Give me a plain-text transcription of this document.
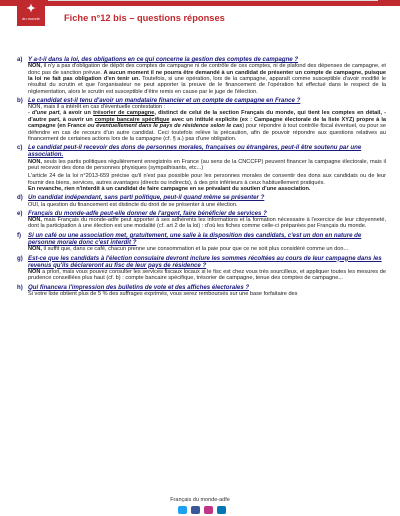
✦
du monde	Fiche n°12 bis – questions réponses
a) Y a-t-il dans la loi, des obligations en ce qui concerne la gestion des comptes de campagne ?

NON, il n'y a pas d'obligation de dépôt des comptes de campagne ni de contrôle de ces comptes, ni de plafond des dépenses de campagne, et donc pas de sanction prévue. A aucun moment il ne pourra être demandé à un candidat de présenter un compte de campagne, puisque la loi ne fait pas obligation d'en tenir un. Toutefois, si une opération, lors de la campagne, apparaît comme susceptible d'avoir modifié le résultat du scrutin et que l'organisateur ne peut apporter la preuve de le financement de l'opération fut effectué dans le respect de la réglementation, alors le scrutin est susceptible d'être remis en cause par le juge de l'élection.

b) Le candidat est-il tenu d'avoir un mandataire financier et un compte de campagne en France ?

NON, mais il a intérêt en cas d'éventuelle contestation :

- d'une part, à avoir un trésorier de campagne, distinct de celui de la section Français du monde, qui tient les comptes en détail, - d'autre part, à ouvrir un compte bancaire spécifique avec un intitulé explicite (ex : Campagne électorale de la liste XYZ) propre à la campagne (en France ou éventuellement dans le pays de résidence selon le cas) pour répondre à tout contrôle fiscal éventuel, ou pour se défendre en cas de recours d'un autre candidat. Ceci toutefois relève la précaution, afin de pouvoir répondre aux questions relatives au financement de certaines actions lors de la campagne (cf. § a.) pas d'une obligation.

c) Le candidat peut-il recevoir des dons de personnes morales, françaises ou étrangères, peut-il être soutenu par une association.

NON, seuls les partis politiques régulièrement enregistrés en France (au sens de la CNCCFP) peuvent financer la campagne électorale, mais il peut recevoir des dons de personnes physiques (sympathisants, etc...)

L'article 24 de la loi n°2013-659 précise qu'il n'est pas possible pour les personnes morales de consentir des dons aux candidats ou de leur fournir des biens, services, autres avantages (directs ou indirects), à des prix inférieurs à ceux habituellement pratiqués.

En revanche, rien n'interdit à un candidat de faire campagne en se prévalant du soutien d'une association.

d) Un candidat indépendant, sans parti politique, peut-il quand même se présenter ?

OUI, la question du financement est distincte du droit de se présenter à une élection.

e) Français du monde-adfe peut-elle donner de l'argent, faire bénéficier de services ?

NON, mais Français du monde-adfe peut apporter à ses adhérents les informations et la formation nécessaire à l'exercice de leur citoyenneté, dont la participation à une élection est une modalité (cf. art 2 de la loi) : d'où les fiches comme celle-ci préparées par Français du monde.

f)	Si un café ou une association met, gratuitement, une salle à la disposition des candidats, c'est un don en nature de personne morale donc c'est interdit ?

NON, il suffit que, dans ce café, chacun prenne une consommation et la paie pour que ce ne soit plus considéré comme un don...

g) Est-ce que les candidats à l'élection consulaire devront inclure les sommes récoltées au cours de leur campagne dans les revenus qu'ils déclareront au fisc de leur pays de résidence ?

NON a priori, mais vous pouvez consulter les services fiscaux locaux si le fisc est chez vous très sourcilleux, et appliquer toutes les mesures de prudence conseillées plus haut (cf. b) : compte bancaire spécifique, trésorier de campagne, tenue des comptes de campagne...

h) Qui financera l'impression des bulletins de vote et des affiches électorales ?

Si votre liste obtient plus de 5 % des suffrages exprimés, vous serez remboursés sur une base forfaitaire des

Français du monde-adfe
